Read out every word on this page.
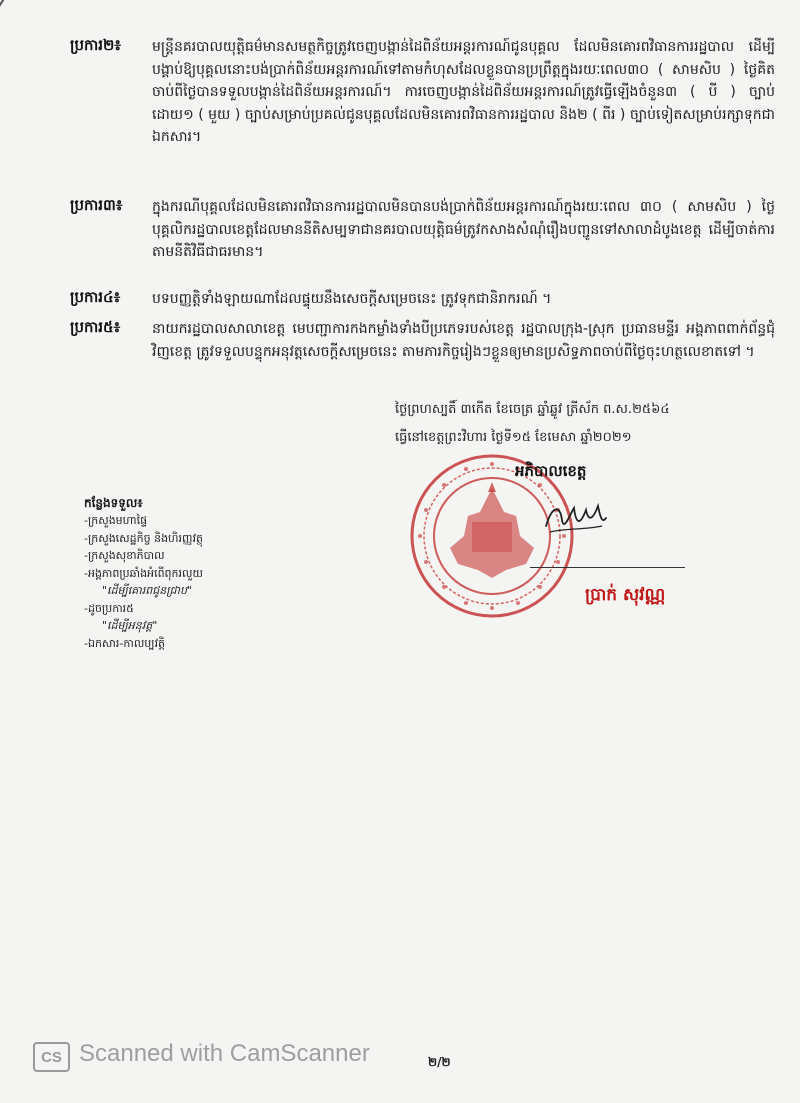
ប្រការ២៖	មន្ត្រីនគរបាលយុត្តិធម៌មានសមត្ថកិច្ចត្រូវចេញបង្កាន់ដៃពិន័យអន្តរការណ៍ជូនបុគ្គល ដែលមិនគោរពវិធានការរដ្ឋបាល ដើម្បីបង្គាប់ឱ្យបុគ្គលនោះបង់ប្រាក់ពិន័យអន្តរការណ៍ទៅតាមកំហុសដែលខ្លួនបានប្រព្រឹត្តក្នុងរយៈពេល៣០ ( សាមសិប ) ថ្ងៃគិតចាប់ពីថ្ងៃបានទទួលបង្កាន់ដៃពិន័យអន្តរការណ៍។ ការចេញបង្កាន់ដៃពិន័យអន្តរការណ៍ត្រូវធ្វើឡើងចំនួន៣ ( បី ) ច្បាប់ ដោយ១ ( មួយ ) ច្បាប់សម្រាប់ប្រគល់ជូនបុគ្គលដែលមិនគោរពវិធានការរដ្ឋបាល និង២ ( ពីរ ) ច្បាប់ទៀតសម្រាប់រក្សាទុកជាឯកសារ។
ប្រការ៣៖	ក្នុងករណីបុគ្គលដែលមិនគោរពវិធានការរដ្ឋបាលមិនបានបង់ប្រាក់ពិន័យអន្តរការណ៍ក្នុងរយៈពេល ៣០ ( សាមសិប ) ថ្ងៃ បុគ្គលិករដ្ឋបាលខេត្តដែលមាននីតិសម្បទាជានគរបាលយុត្តិធម៌ត្រូវកសាងសំណុំរឿងបញ្ជូនទៅសាលាដំបូងខេត្ត ដើម្បីចាត់ការតាមនីតិវិធីជាធរមាន។
ប្រការ៤៖	បទបញ្ញត្តិទាំងឡាយណាដែលផ្ទុយនឹងសេចក្តីសម្រេចនេះ ត្រូវទុកជានិរាករណ៍ ។
ប្រការ៥៖	នាយករដ្ឋបាលសាលាខេត្ត មេបញ្ជាការកងកម្លាំងទាំងបីប្រភេទរបស់ខេត្ត រដ្ឋបាលក្រុង-ស្រុក ប្រធានមន្ទីរ អង្គភាពពាក់ព័ន្ធជុំវិញខេត្ត ត្រូវទទួលបន្ទុកអនុវត្តសេចក្តីសម្រេចនេះ តាមភារកិច្ចរៀងៗខ្លួនឲ្យមានប្រសិទ្ធភាពចាប់ពីថ្ងៃចុះហត្ថលេខាតទៅ ។
ថ្ងៃព្រហស្បតិ៍ ៣កើត ខែចេត្រ ឆ្នាំឆ្លូវ ត្រីស័ក ព.ស.២៥៦៤
ធ្វើនៅខេត្តព្រះវិហារ ថ្ងៃទី១៥ ខែមេសា ឆ្នាំ២០២១
អភិបាលខេត្ត
ប្រាក់ សុវណ្ណ
កន្លែងទទួល៖
-ក្រសួងមហាផ្ទៃ
-ក្រសួងសេដ្ឋកិច្ច និងហិរញ្ញវត្ថុ
-ក្រសួងសុខាភិបាល
-អង្គភាពប្រឆាំងអំពើពុករលួយ
"ដើម្បីគោរពជូនជ្រាប"
-ដូចប្រការ៥
"ដើម្បីអនុវត្ត"
-ឯកសារ-កាលប្បវត្តិ
CS Scanned with CamScanner	២/២
